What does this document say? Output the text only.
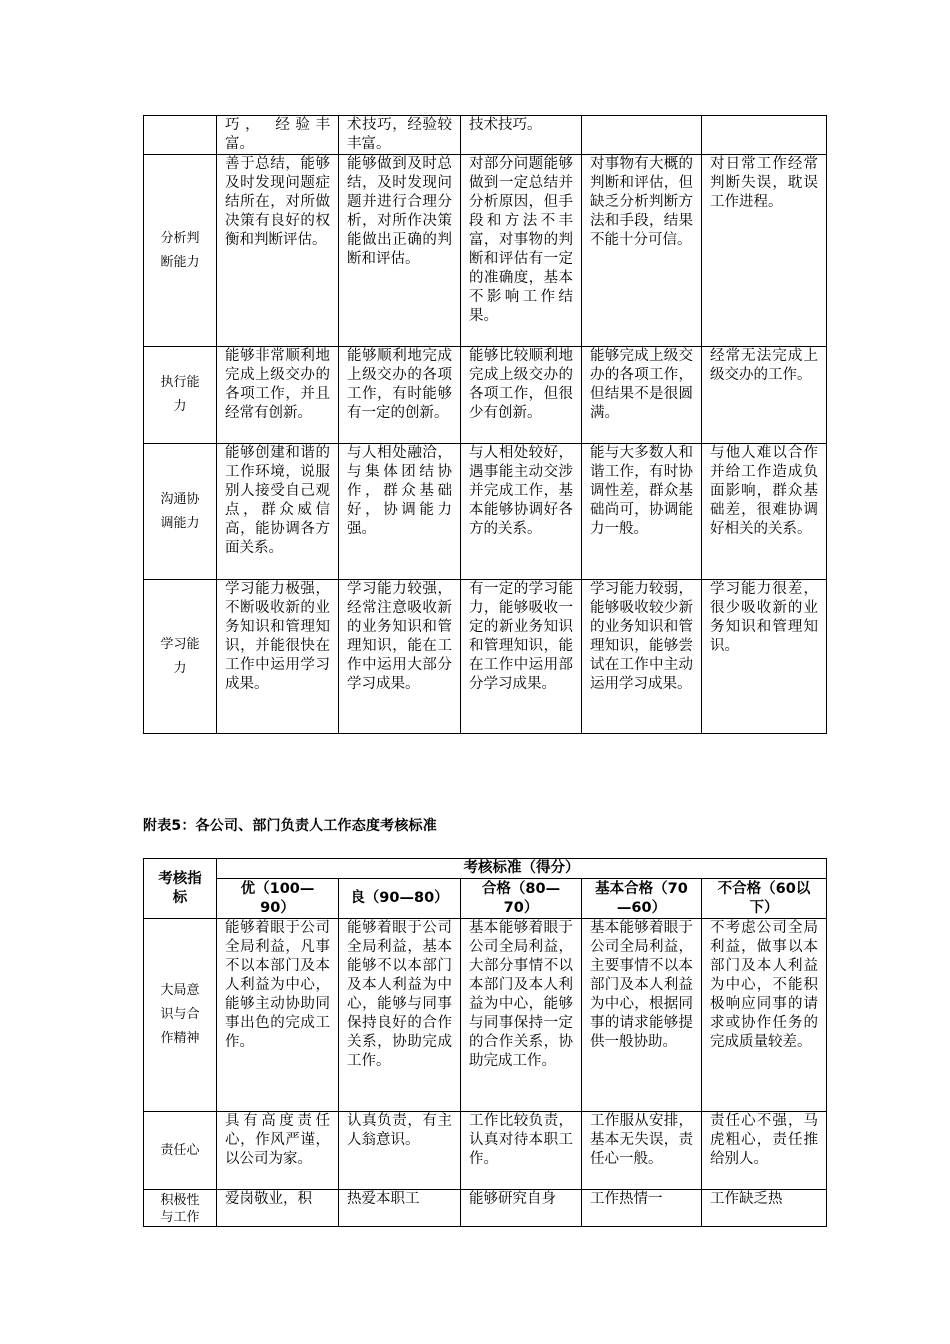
	巧， 经验丰富。	术技巧，经验较丰富。	技术技巧。		
分析判断能力	善于总结，能够及时发现问题症结所在，对所做决策有良好的权衡和判断评估。	能够做到及时总结，及时发现问题并进行合理分析，对所作决策能做出正确的判断和评估。	对部分问题能够做到一定总结并分析原因，但手段和方法不丰富，对事物的判断和评估有一定的准确度，基本不影响工作结果。	对事物有大概的判断和评估，但缺乏分析判断方法和手段，结果不能十分可信。	对日常工作经常判断失误，耽误工作进程。
执行能力	能够非常顺利地完成上级交办的各项工作，并且经常有创新。	能够顺利地完成上级交办的各项工作，有时能够有一定的创新。	能够比较顺利地完成上级交办的各项工作，但很少有创新。	能够完成上级交办的各项工作，但结果不是很圆满。	经常无法完成上级交办的工作。
沟通协调能力	能够创建和谐的工作环境，说服别人接受自己观点，群众威信高，能协调各方面关系。	与人相处融洽，与集体团结协作，群众基础好，协调能力强。	与人相处较好，遇事能主动交涉并完成工作，基本能够协调好各方的关系。	能与大多数人和谐工作，有时协调性差，群众基础尚可，协调能力一般。	与他人难以合作并给工作造成负面影响，群众基础差，很难协调好相关的关系。
学习能力	学习能力极强，不断吸收新的业务知识和管理知识，并能很快在工作中运用学习成果。	学习能力较强，经常注意吸收新的业务知识和管理知识，能在工作中运用大部分学习成果。	有一定的学习能力，能够吸收一定的新业务知识和管理知识，能在工作中运用部分学习成果。	学习能力较弱，能够吸收较少新的业务知识和管理知识，能够尝试在工作中主动运用学习成果。	学习能力很差，很少吸收新的业务知识和管理知识。
附表5：各公司、部门负责人工作态度考核标准
考核指标	考核标准（得分）				
	优（100—90）	良（90—80）	合格（80—70）	基本合格（70—60）	不合格（60以下）
大局意识与合作精神	能够着眼于公司全局利益，凡事不以本部门及本人利益为中心，能够主动协助同事出色的完成工作。	能够着眼于公司全局利益，基本能够不以本部门及本人利益为中心，能够与同事保持良好的合作关系，协助完成工作。	基本能够着眼于公司全局利益，大部分事情不以本部门及本人利益为中心，能够与同事保持一定的合作关系，协助完成工作。	基本能够着眼于公司全局利益，主要事情不以本部门及本人利益为中心，根据同事的请求能够提供一般协助。	不考虑公司全局利益，做事以本部门及本人利益为中心，不能积极响应同事的请求或协作任务的完成质量较差。
责任心	具有高度责任心，作风严谨，以公司为家。	认真负责，有主人翁意识。	工作比较负责，认真对待本职工作。	工作服从安排，基本无失误，责任心一般。	责任心不强，马虎粗心，责任推给别人。
积极性与工作	爱岗敬业，积	热爱本职工	能够研究自身	工作热情一	工作缺乏热
